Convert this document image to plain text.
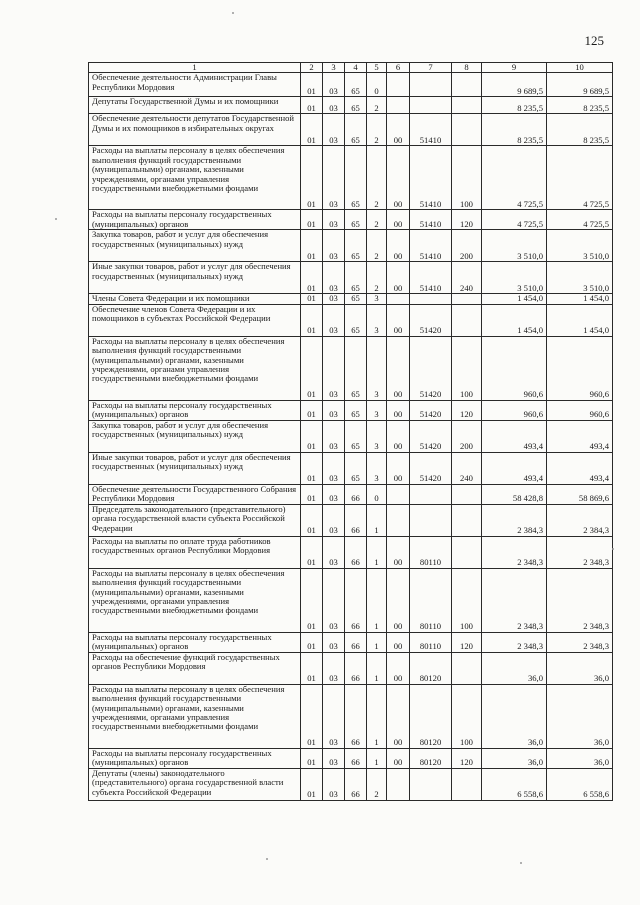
125
1	2	3	4	5	6	7	8	9	10
Обеспечение деятельности Администрации Главы Республики Мордовия	01	03	65	0				9 689,5	9 689,5
Депутаты Государственной Думы и их помощники	01	03	65	2				8 235,5	8 235,5
Обеспечение деятельности депутатов Государственной Думы и их помощников в избирательных округах	01	03	65	2	00	51410		8 235,5	8 235,5
Расходы на выплаты персоналу в целях обеспечения выполнения функций государственными (муниципальными) органами, казенными учреждениями, органами управления государственными внебюджетными фондами	01	03	65	2	00	51410	100	4 725,5	4 725,5
Расходы на выплаты персоналу государственных (муниципальных) органов	01	03	65	2	00	51410	120	4 725,5	4 725,5
Закупка товаров, работ и услуг для обеспечения государственных (муниципальных) нужд	01	03	65	2	00	51410	200	3 510,0	3 510,0
Иные закупки товаров, работ и услуг для обеспечения государственных (муниципальных) нужд	01	03	65	2	00	51410	240	3 510,0	3 510,0
Члены Совета Федерации и их помощники	01	03	65	3				1 454,0	1 454,0
Обеспечение членов Совета Федерации и их помощников в субъектах Российской Федерации	01	03	65	3	00	51420		1 454,0	1 454,0
Расходы на выплаты персоналу в целях обеспечения выполнения функций государственными (муниципальными) органами, казенными учреждениями, органами управления государственными внебюджетными фондами	01	03	65	3	00	51420	100	960,6	960,6
Расходы на выплаты персоналу государственных (муниципальных) органов	01	03	65	3	00	51420	120	960,6	960,6
Закупка товаров, работ и услуг для обеспечения государственных (муниципальных) нужд	01	03	65	3	00	51420	200	493,4	493,4
Иные закупки товаров, работ и услуг для обеспечения государственных (муниципальных) нужд	01	03	65	3	00	51420	240	493,4	493,4
Обеспечение деятельности Государственного Собрания Республики Мордовия	01	03	66	0				58 428,8	58 869,6
Председатель законодательного (представительного) органа государственной власти субъекта Российской Федерации	01	03	66	1				2 384,3	2 384,3
Расходы на выплаты по оплате труда работников государственных органов Республики Мордовия	01	03	66	1	00	80110		2 348,3	2 348,3
Расходы на выплаты персоналу в целях обеспечения выполнения функций государственными (муниципальными) органами, казенными учреждениями, органами управления государственными внебюджетными фондами	01	03	66	1	00	80110	100	2 348,3	2 348,3
Расходы на выплаты персоналу государственных (муниципальных) органов	01	03	66	1	00	80110	120	2 348,3	2 348,3
Расходы на обеспечение функций государственных органов Республики Мордовия	01	03	66	1	00	80120		36,0	36,0
Расходы на выплаты персоналу в целях обеспечения выполнения функций государственными (муниципальными) органами, казенными учреждениями, органами управления государственными внебюджетными фондами	01	03	66	1	00	80120	100	36,0	36,0
Расходы на выплаты персоналу государственных (муниципальных) органов	01	03	66	1	00	80120	120	36,0	36,0
Депутаты (члены) законодательного (представительного) органа государственной власти субъекта Российской Федерации	01	03	66	2				6 558,6	6 558,6
